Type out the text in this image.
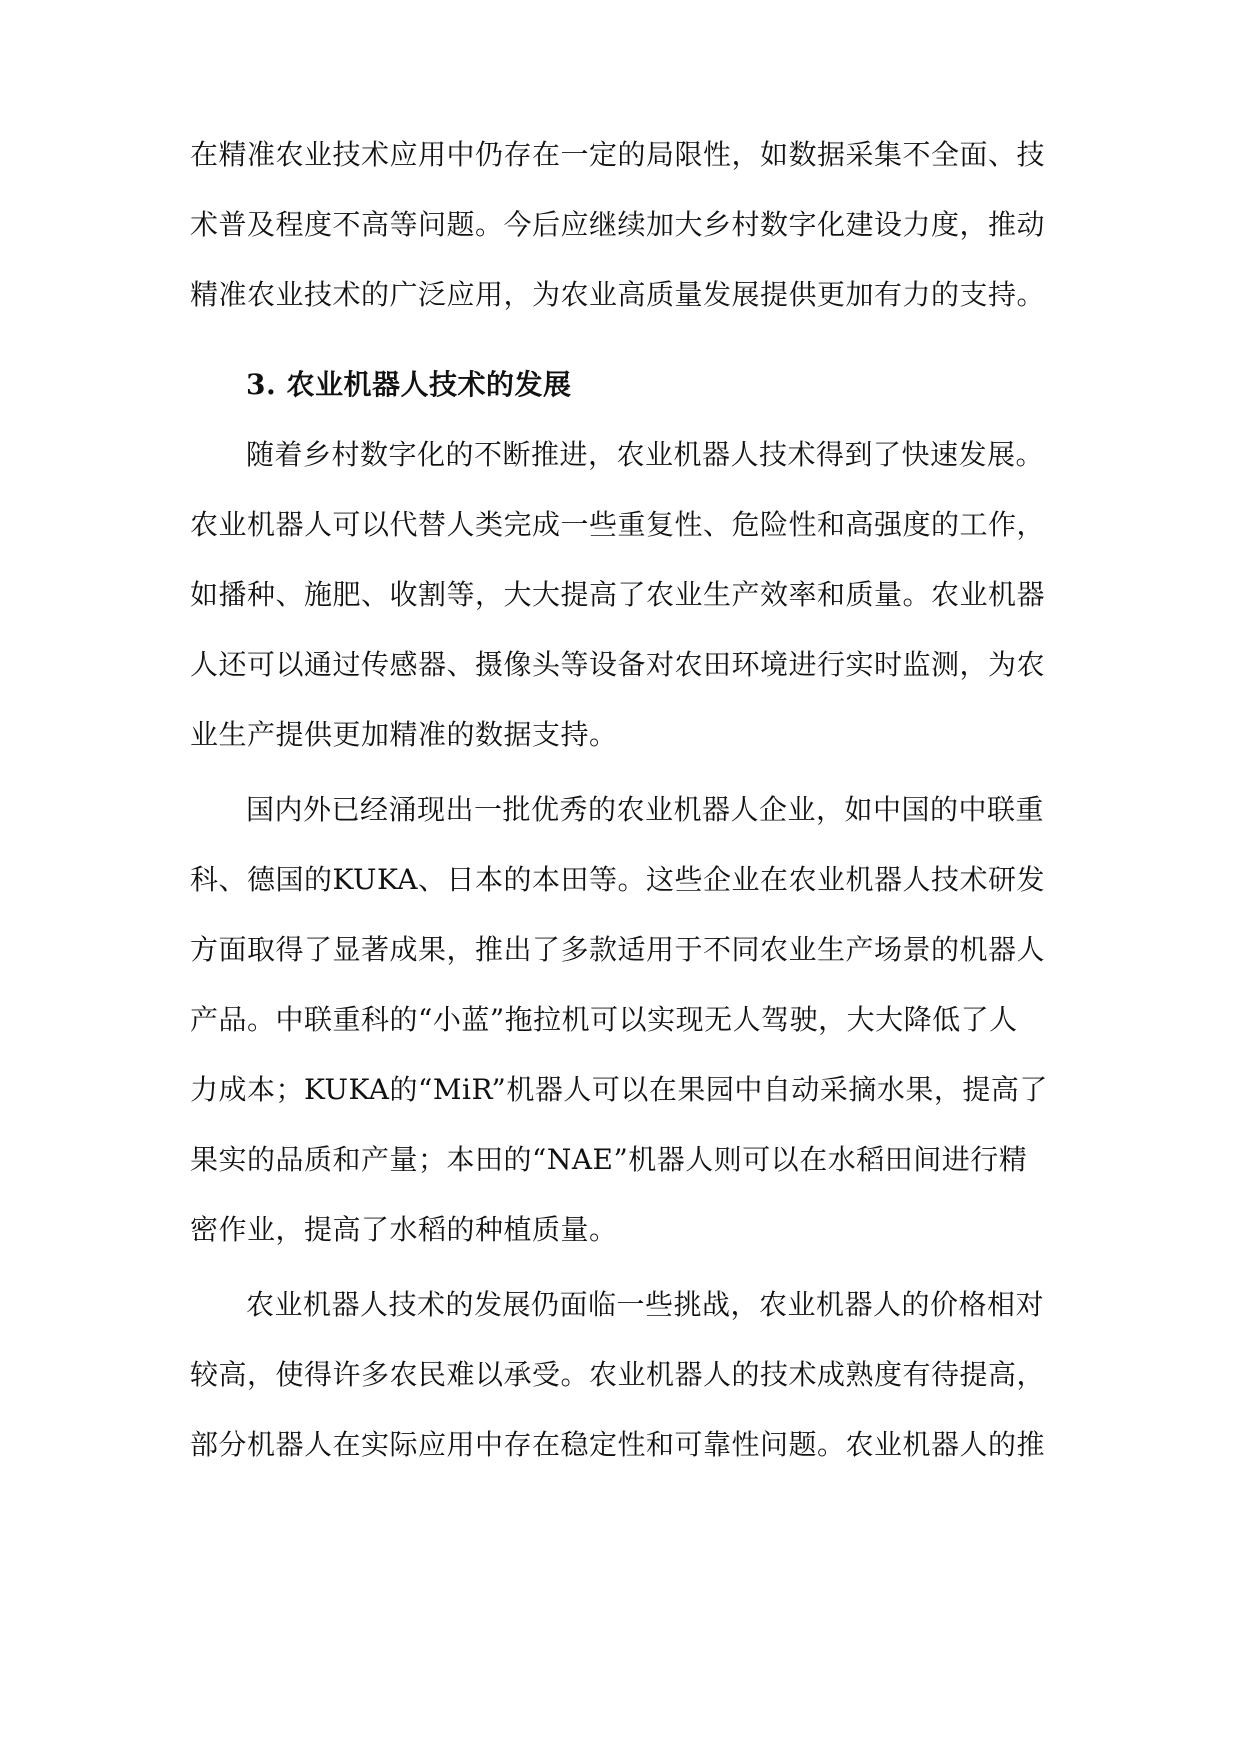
在精准农业技术应用中仍存在一定的局限性，如数据采集不全面、技
术普及程度不高等问题。今后应继续加大乡村数字化建设力度，推动
精准农业技术的广泛应用，为农业高质量发展提供更加有力的支持。
3. 农业机器人技术的发展
随着乡村数字化的不断推进，农业机器人技术得到了快速发展。
农业机器人可以代替人类完成一些重复性、危险性和高强度的工作，
如播种、施肥、收割等，大大提高了农业生产效率和质量。农业机器
人还可以通过传感器、摄像头等设备对农田环境进行实时监测，为农
业生产提供更加精准的数据支持。
国内外已经涌现出一批优秀的农业机器人企业，如中国的中联重
科、德国的KUKA、日本的本田等。这些企业在农业机器人技术研发
方面取得了显著成果，推出了多款适用于不同农业生产场景的机器人
产品。中联重科的“小蓝”拖拉机可以实现无人驾驶，大大降低了人
力成本；KUKA的“MiR”机器人可以在果园中自动采摘水果，提高了
果实的品质和产量；本田的“NAE”机器人则可以在水稻田间进行精
密作业，提高了水稻的种植质量。
农业机器人技术的发展仍面临一些挑战，农业机器人的价格相对
较高，使得许多农民难以承受。农业机器人的技术成熟度有待提高，
部分机器人在实际应用中存在稳定性和可靠性问题。农业机器人的推
